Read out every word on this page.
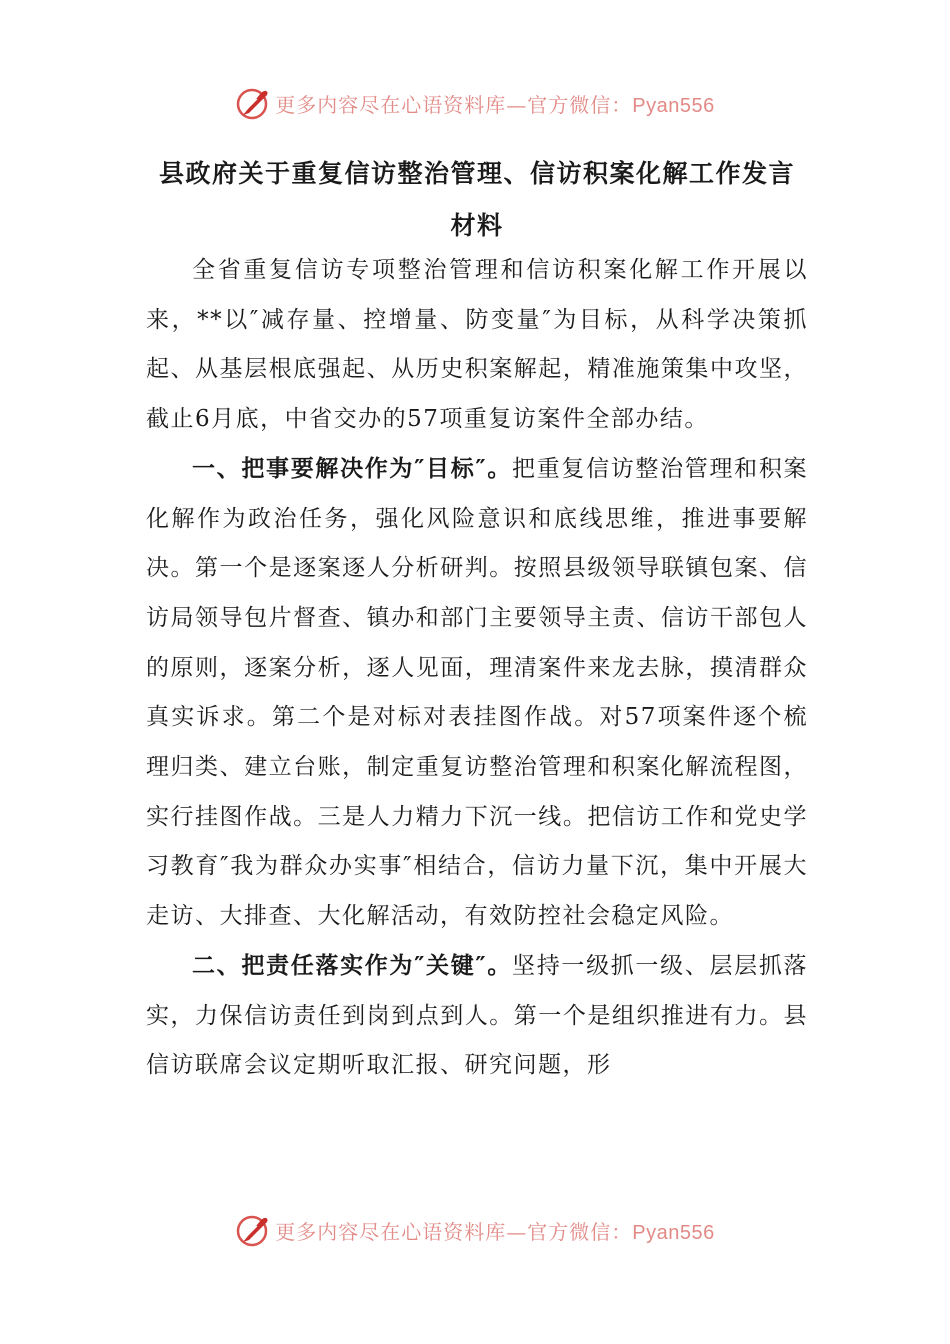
更多内容尽在心语资料库—官方微信：Pyan556
县政府关于重复信访整治管理、信访积案化解工作发言材料

全省重复信访专项整治管理和信访积案化解工作开展以来，**以″减存量、控增量、防变量″为目标，从科学决策抓起、从基层根底强起、从历史积案解起，精准施策集中攻坚，截止6月底，中省交办的57项重复访案件全部办结。

一、把事要解决作为″目标″。把重复信访整治管理和积案化解作为政治任务，强化风险意识和底线思维，推进事要解决。第一个是逐案逐人分析研判。按照县级领导联镇包案、信访局领导包片督查、镇办和部门主要领导主责、信访干部包人的原则，逐案分析，逐人见面，理清案件来龙去脉，摸清群众真实诉求。第二个是对标对表挂图作战。对57项案件逐个梳理归类、建立台账，制定重复访整治管理和积案化解流程图，实行挂图作战。三是人力精力下沉一线。把信访工作和党史学习教育″我为群众办实事″相结合，信访力量下沉，集中开展大走访、大排查、大化解活动，有效防控社会稳定风险。

二、把责任落实作为″关键″。坚持一级抓一级、层层抓落实，力保信访责任到岗到点到人。第一个是组织推进有力。县信访联席会议定期听取汇报、研究问题，形

更多内容尽在心语资料库—官方微信：Pyan556
